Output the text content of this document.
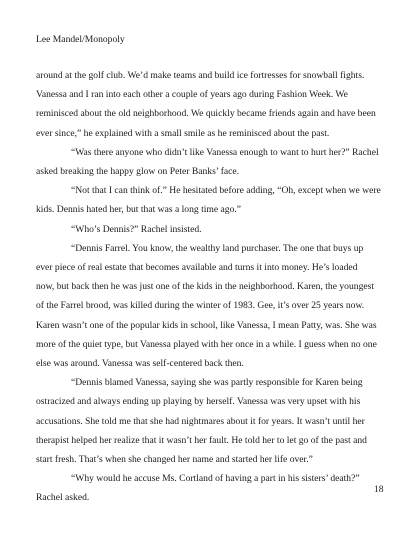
Lee Mandel/Monopoly
around at the golf club. We’d make teams and build ice fortresses for snowball fights.
Vanessa and I ran into each other a couple of years ago during Fashion Week. We
reminisced about the old neighborhood. We quickly became friends again and have been
ever since,” he explained with a small smile as he reminisced about the past.
“Was there anyone who didn’t like Vanessa enough to want to hurt her?” Rachel
asked breaking the happy glow on Peter Banks’ face.
“Not that I can think of.” He hesitated before adding, “Oh, except when we were
kids. Dennis hated her, but that was a long time ago.”
“Who’s Dennis?” Rachel insisted.
“Dennis Farrel. You know, the wealthy land purchaser. The one that buys up
ever piece of real estate that becomes available and turns it into money. He’s loaded
now, but back then he was just one of the kids in the neighborhood. Karen, the youngest
of the Farrel brood, was killed during the winter of 1983. Gee, it’s over 25 years now.
Karen wasn’t one of the popular kids in school, like Vanessa, I mean Patty, was. She was
more of the quiet type, but Vanessa played with her once in a while. I guess when no one
else was around. Vanessa was self-centered back then.
“Dennis blamed Vanessa, saying she was partly responsible for Karen being
ostracized and always ending up playing by herself. Vanessa was very upset with his
accusations. She told me that she had nightmares about it for years. It wasn’t until her
therapist helped her realize that it wasn’t her fault. He told her to let go of the past and
start fresh. That’s when she changed her name and started her life over.”
“Why would he accuse Ms. Cortland of having a part in his sisters’ death?”
Rachel asked.
18
